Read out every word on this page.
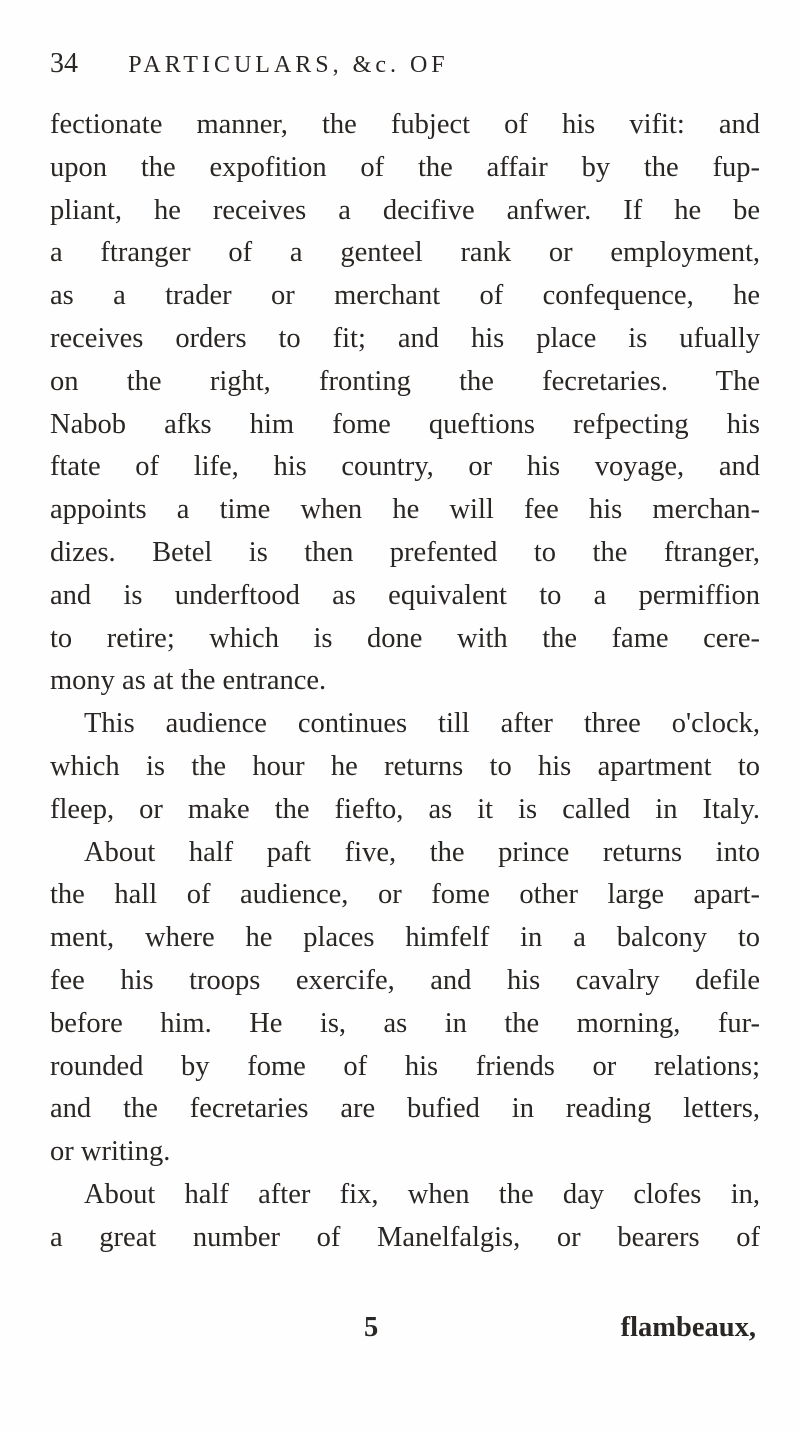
34 PARTICULARS, &c. OF
fectionate manner, the fubject of his vifit: and
upon the expofition of the affair by the fup-
pliant, he receives a decifive anfwer. If he be
a ftranger of a genteel rank or employment,
as a trader or merchant of confequence, he
receives orders to fit; and his place is ufually
on the right, fronting the fecretaries. The
Nabob afks him fome queftions refpecting his
ftate of life, his country, or his voyage, and
appoints a time when he will fee his merchan-
dizes. Betel is then prefented to the ftranger,
and is underftood as equivalent to a permiffion
to retire; which is done with the fame cere-
mony as at the entrance.
This audience continues till after three o'clock,
which is the hour he returns to his apartment to
fleep, or make the fiefto, as it is called in Italy.
About half paft five, the prince returns into
the hall of audience, or fome other large apart-
ment, where he places himfelf in a balcony to
fee his troops exercife, and his cavalry defile
before him. He is, as in the morning, fur-
rounded by fome of his friends or relations;
and the fecretaries are bufied in reading letters,
or writing.
About half after fix, when the day clofes in,
a great number of Manelfalgis, or bearers of
5	flambeaux,
